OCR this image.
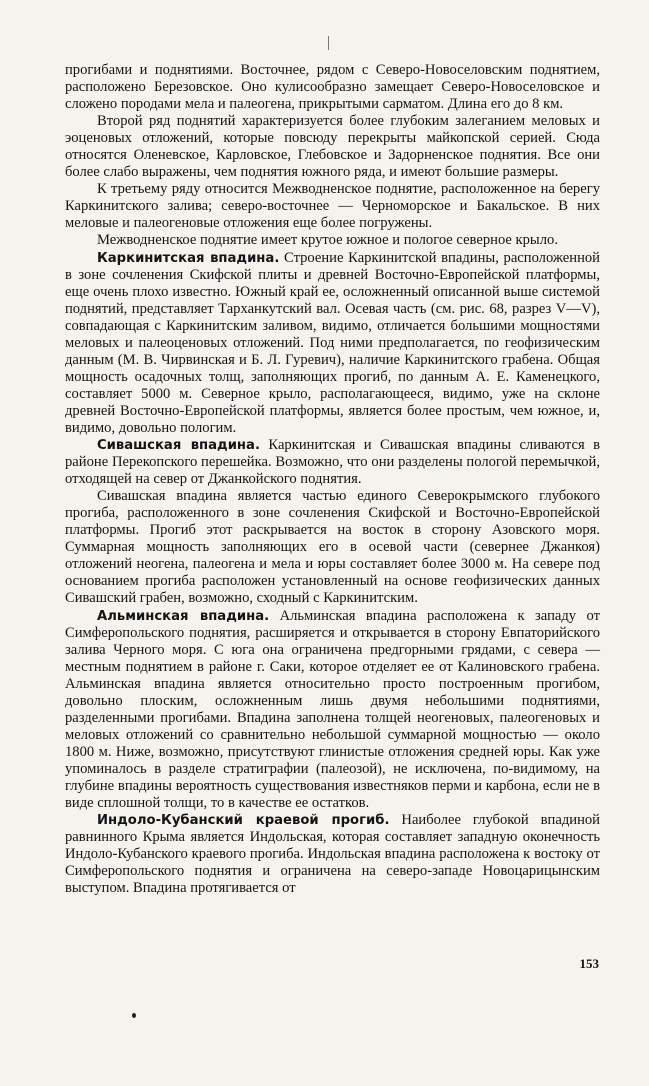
прогибами и поднятиями. Восточнее, рядом с Северо-Новоселовским поднятием, расположено Березовское. Оно кулисообразно замещает Северо-Новоселовское и сложено породами мела и палеогена, прикрытыми сарматом. Длина его до 8 км.

Второй ряд поднятий характеризуется более глубоким залеганием меловых и эоценовых отложений, которые повсюду перекрыты майкопской серией. Сюда относятся Оленевское, Карловское, Глебовское и Задорненское поднятия. Все они более слабо выражены, чем поднятия южного ряда, и имеют большие размеры.

К третьему ряду относится Межводненское поднятие, расположенное на берегу Каркинитского залива; северо-восточнее — Черноморское и Бакальское. В них меловые и палеогеновые отложения еще более погружены.

Межводненское поднятие имеет крутое южное и пологое северное крыло.

Каркинитская впадина. Строение Каркинитской впадины, расположенной в зоне сочленения Скифской плиты и древней Восточно-Европейской платформы, еще очень плохо известно. Южный край ее, осложненный описанной выше системой поднятий, представляет Тарханкутский вал. Осевая часть (см. рис. 68, разрез V—V), совпадающая с Каркинитским заливом, видимо, отличается большими мощностями меловых и палеоценовых отложений. Под ними предполагается, по геофизическим данным (М. В. Чирвинская и Б. Л. Гуревич), наличие Каркинитского грабена. Общая мощность осадочных толщ, заполняющих прогиб, по данным А. Е. Каменецкого, составляет 5000 м. Северное крыло, располагающееся, видимо, уже на склоне древней Восточно-Европейской платформы, является более простым, чем южное, и, видимо, довольно пологим.

Сивашская впадина. Каркинитская и Сивашская впадины сливаются в районе Перекопского перешейка. Возможно, что они разделены пологой перемычкой, отходящей на север от Джанкойского поднятия.

Сивашская впадина является частью единого Северокрымского глубокого прогиба, расположенного в зоне сочленения Скифской и Восточно-Европейской платформы. Прогиб этот раскрывается на восток в сторону Азовского моря. Суммарная мощность заполняющих его в осевой части (севернее Джанкоя) отложений неогена, палеогена и мела и юры составляет более 3000 м. На севере под основанием прогиба расположен установленный на основе геофизических данных Сивашский грабен, возможно, сходный с Каркинитским.

Альминская впадина. Альминская впадина расположена к западу от Симферопольского поднятия, расширяется и открывается в сторону Евпаторийского залива Черного моря. С юга она ограничена предгорными грядами, с севера — местным поднятием в районе г. Саки, которое отделяет ее от Калиновского грабена. Альминская впадина является относительно просто построенным прогибом, довольно плоским, осложненным лишь двумя небольшими поднятиями, разделенными прогибами. Впадина заполнена толщей неогеновых, палеогеновых и меловых отложений со сравнительно небольшой суммарной мощностью — около 1800 м. Ниже, возможно, присутствуют глинистые отложения средней юры. Как уже упоминалось в разделе стратиграфии (палеозой), не исключена, по-видимому, на глубине впадины вероятность существования известняков перми и карбона, если не в виде сплошной толщи, то в качестве ее остатков.

Индоло-Кубанский краевой прогиб. Наиболее глубокой впадиной равнинного Крыма является Индольская, которая составляет западную оконечность Индоло-Кубанского краевого прогиба. Индольская впадина расположена к востоку от Симферопольского поднятия и ограничена на северо-западе Новоцарицынским выступом. Впадина протягивается от

153
